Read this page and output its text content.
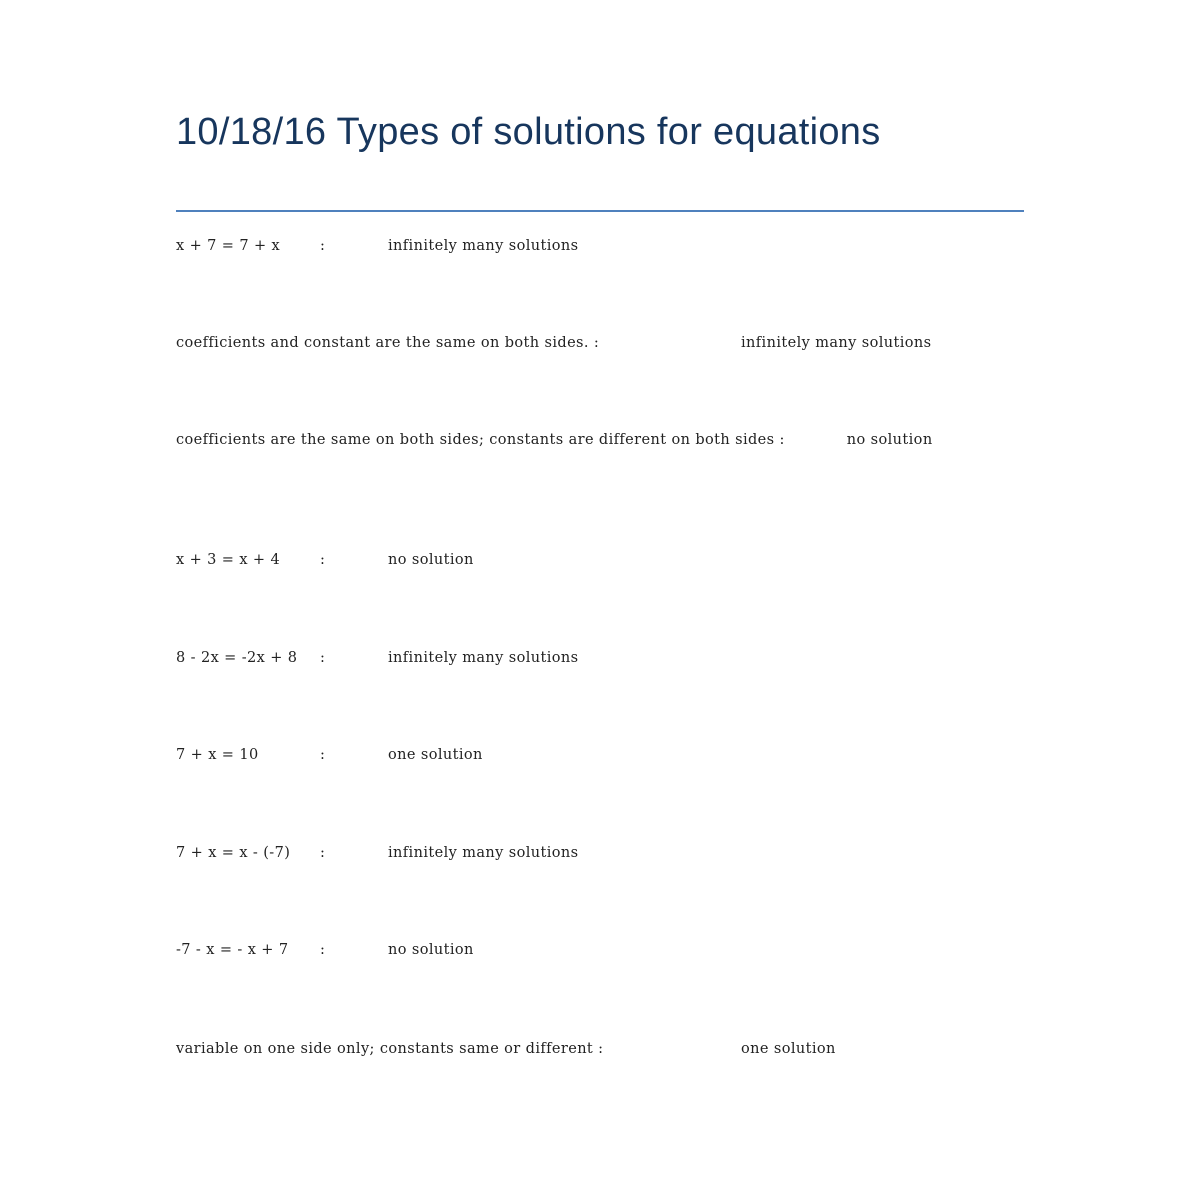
10/18/16 Types of solutions for equations
x + 7 = 7 + x	:	infinitely many solutions
coefficients and constant are the same on both sides. :	infinitely many solutions
coefficients are the same on both sides; constants are different on both sides :	no solution
x + 3 = x + 4	:	no solution
8 - 2x = -2x + 8 :	infinitely many solutions
7 + x = 10	:	one solution
7 + x = x - (-7) :	infinitely many solutions
-7 - x = - x + 7 :	no solution
variable on one side only; constants same or different :	one solution
